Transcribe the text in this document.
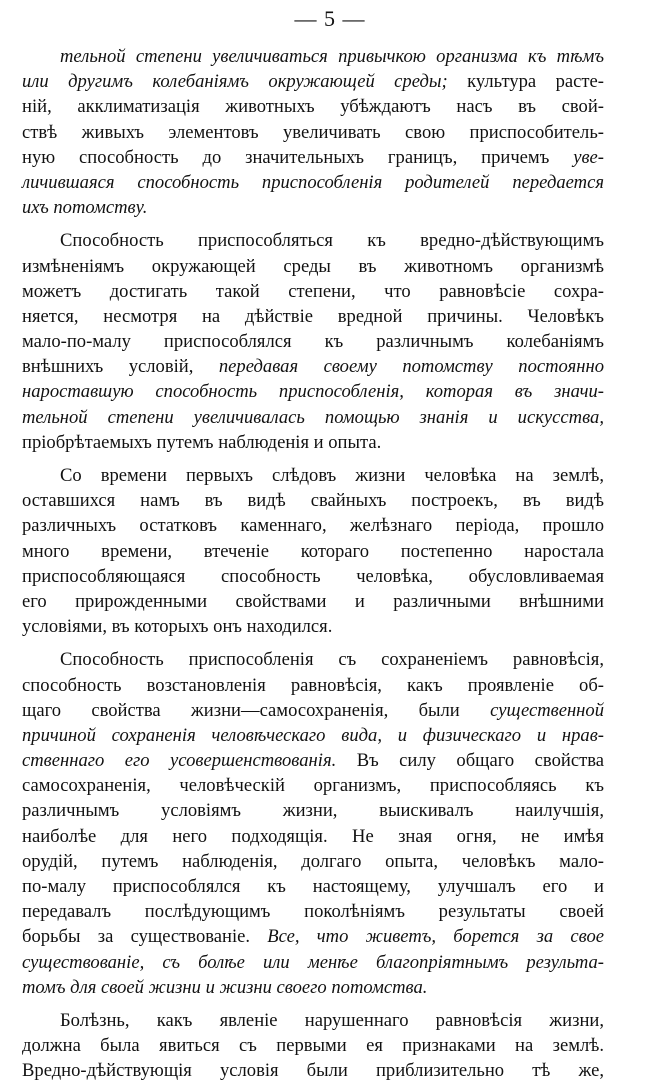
— 5 —
тельной степени увеличиваться привычкою организма къ тѣмъ
или другимъ колебаніямъ окружающей среды; культура расте-
ній, акклиматизація животныхъ убѣждаютъ насъ въ свой-
ствѣ живыхъ элементовъ увеличивать свою приспособитель-
ную способность до значительныхъ границъ, причемъ уве-
личившаяся способность приспособленія родителей передается
ихъ потомству.
Способность приспособляться къ вредно-дѣйствующимъ
измѣненіямъ окружающей среды въ животномъ организмѣ
можетъ достигать такой степени, что равновѣсіе сохра-
няется, несмотря на дѣйствіе вредной причины. Человѣкъ
мало-по-малу приспособлялся къ различнымъ колебаніямъ
внѣшнихъ условій, передавая своему потомству постоянно
наростaвшую способность приспособленія, которая въ значи-
тельной степени увеличивалась помощью знанія и искусства,
пріобрѣтаемыхъ путемъ наблюденія и опыта.
Со времени первыхъ слѣдовъ жизни человѣка на землѣ,
оставшихся намъ въ видѣ свайныхъ построекъ, въ видѣ
различныхъ остатковъ каменнаго, желѣзнаго періода, прошло
много времени, втеченіе котораго постепенно наростала
приспособляющаяся способность человѣка, обусловливаемая
его прирожденными свойствами и различными внѣшними
условіями, въ которыхъ онъ находился.
Способность приспособленія съ сохраненіемъ равновѣсія,
способность возстановленія равновѣсія, какъ проявленіе об-
щаго свойства жизни—самосохраненія, были существенной
причиной сохраненія человѣческаго вида, и физическаго и нрав-
ственнаго его усовершенствованія. Въ силу общаго свойства
самосохраненія, человѣческій организмъ, приспособляясь къ
различнымъ условіямъ жизни, выискивалъ наилучшія,
наиболѣе для него подходящія. Не зная огня, не имѣя
орудій, путемъ наблюденія, долгаго опыта, человѣкъ мало-
по-малу приспособлялся къ настоящему, улучшалъ его и
передавалъ послѣдующимъ поколѣніямъ результаты своей
борьбы за существованіе. Все, что живетъ, борется за свое
существованіе, съ болѣе или менѣе благопріятнымъ результа-
томъ для своей жизни и жизни своего потомства.
Болѣзнь, какъ явленіе нарушеннаго равновѣсія жизни,
должна была явиться съ первыми ея признаками на землѣ.
Вредно-дѣйствующія условія были приблизительно тѣ же,
